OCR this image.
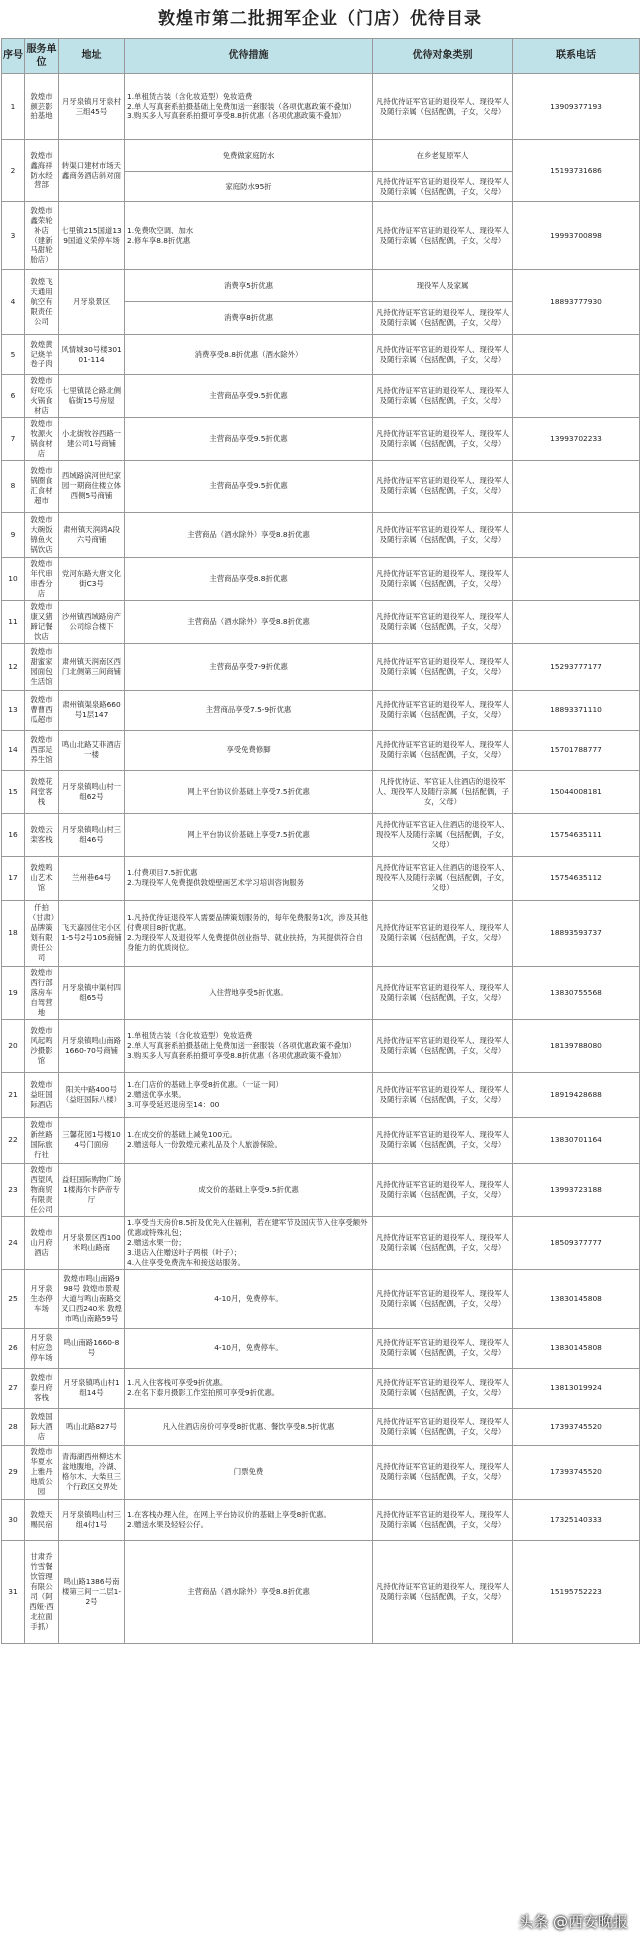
敦煌市第二批拥军企业（门店）优待目录
序号	服务单位	地址	优待措施	优待对象类别	联系电话
1	敦煌市颜芸影拍基地	月牙泉镇月牙泉村三组45号	1.单租赁古装（含化妆造型）免妆造费
2.单人写真套系拍摄基础上免费加送一套服装（各项优惠政策不叠加）
3.购买多人写真套系拍摄可享受8.8折优惠（各项优惠政策不叠加）	凡持优待证军官证的退役军人、现役军人及随行亲属（包括配偶，子女，父母）	13909377193
2	敦煌市鑫海祥防水经营部	转渠口建材市场天鑫商务酒店斜对面	免费做家庭防水	在乡老复原军人	15193731686

			家庭防水95折	凡持优待证军官证的退役军人、现役军人及随行亲属（包括配偶，子女，父母）	
3	敦煌市鑫荣轮补店（建新马甜轮胎店）	七里镇215国道139国道义荣停车场	1.免费吹空调、加水
2.修车享8.8折优惠	凡持优待证军官证的退役军人、现役军人及随行亲属（包括配偶，子女，父母）	19993700898
4	敦煌飞天通用航空有限责任公司	月牙泉景区	消费享5折优惠	现役军人及家属	18893777930

			消费享8折优惠	凡持优待证军官证的退役军人、现役军人及随行亲属（包括配偶，子女，父母）	
5	敦煌黄记烧羊卷子肉	风情城30号楼30101-114	消费享受8.8折优惠（酒水除外）	凡持优待证军官证的退役军人、现役军人及随行亲属（包括配偶，子女，父母）	
6	敦煌市好吃乐火锅食材店	七里镇昆仑路北侧临街15号房屋	主营商品享受9.5折优惠	凡持优待证军官证的退役军人、现役军人及随行亲属（包括配偶，子女，父母）	
7	敦煌市牧源火锅食材店	小北街牧谷西路一建公司1号商铺	主营商品享受9.5折优惠	凡持优待证军官证的退役军人、现役军人及随行亲属（包括配偶，子女，父母）	13993702233
8	敦煌市锅圈食汇食材超市	西域路滨河世纪家园一期商住楼立体西侧5号商铺	主营商品享受9.5折优惠	凡持优待证军官证的退役军人、现役军人及随行亲属（包括配偶，子女，父母）	
9	敦煌市大碗饭锦鱼火锅饮店	肃州镇天润鸿A段六号商铺	主营商品（酒水除外）享受8.8折优惠	凡持优待证军官证的退役军人、现役军人及随行亲属（包括配偶，子女，父母）	
10	敦煌市年代串串香分店	党河东路大唐文化街C3号	主营商品享受8.8折优惠	凡持优待证军官证的退役军人、现役军人及随行亲属（包括配偶，子女，父母）	
11	敦煌市康又猪蹄记餐饮店	沙州镇西域路房产公司综合楼下	主营商品（酒水除外）享受8.8折优惠	凡持优待证军官证的退役军人、现役军人及随行亲属（包括配偶，子女，父母）	
12	敦煌市甜蜜家园面包生活馆	肃州镇天润南区西门北侧第三间商铺	主营商品享受7-9折优惠	凡持优待证军官证的退役军人、现役军人及随行亲属（包括配偶，子女，父母）	15293777177
13	敦煌市曹曹西瓜超市	肃州镇渠泉路660号1层147	主营商品享受7.5-9折优惠	凡持优待证军官证的退役军人、现役军人及随行亲属（包括配偶，子女，父母）	18893371110
14	敦煌市西部足养生馆	鸣山北路艾菲酒店一楼	享受免费修脚	凡持优待证军官证的退役军人、现役军人及随行亲属（包括配偶，子女，父母）	15701788777
15	敦煌花间堂客栈	月牙泉镇鸣山村一组62号	网上平台协议价基础上享受7.5折优惠	凡持优待证、军官证人住酒店的退役军人、现役军人及随行亲属（包括配偶，子女，父母）	15044008181
16	敦煌云栾客栈	月牙泉镇鸣山村三组46号	网上平台协议价基础上享受7.5折优惠	凡持优待证军官证入住酒店的退役军人、现役军人及随行亲属（包括配偶，子女，父母）	15754635111
17	敦煌鸣山艺术馆	兰州巷64号	1.付费项目7.5折优惠
2.为现役军人免费提供敦煌壁画艺术学习培训咨询服务	凡持优待证军官证入住酒店的退役军人、现役军人及随行亲属（包括配偶，子女，父母）	15754635112
18	仟拍（甘肃）品牌策划有限责任公司	飞天嘉园住宅小区1-5号2号105商铺	1.凡持优待证退役军人需要品牌策划服务的，每年免费服务1次，涉及其他付费项目8折优惠。
2.为现役军人及退役军人免费提供创业指导、就业扶持，为其提供符合自身能力的优质岗位。	凡持优待证军官证的退役军人、现役军人及随行亲属（包括配偶，子女，父母）	18893593737
19	敦煌市西行部落房车自驾营地	月牙泉镇中渠村四组65号	入住营地享受5折优惠。	凡持优待证军官证的退役军人、现役军人及随行亲属（包括配偶，子女，父母）	13830755568
20	敦煌市风起鸣沙摄影馆	月牙泉镇鸣山南路1660-70号商铺	1.单租赁古装（含化妆造型）免妆造费
2.单人写真套系拍摄基础上免费加送一套服装（各项优惠政策不叠加）
3.购买多人写真套系拍摄可享受8.8折优惠（各项优惠政策不叠加）	凡持优待证军官证的退役军人、现役军人及随行亲属（包括配偶，子女，父母）	18139788080
21	敦煌市益旺国际酒店	阳关中路400号（益旺国际八楼）	1.在门店价的基础上享受8折优惠。（一证一间）
2.赠送优享水果。
3.可享受延迟退房至14：00	凡持优待证军官证的退役军人、现役军人及随行亲属（包括配偶，子女，父母）	18919428688
22	敦煌市新丝路国际旅行社	三馨花园1号楼104号门面房	1.在成交价的基础上减免100元。
2.赠送每人一份敦煌元素礼品及个人旅游保险。	凡持优待证军官证的退役军人、现役军人及随行亲属（包括配偶，子女，父母）	13830701164
23	敦煌市西望风物商贸有限责任公司	益旺国际购物广场1楼海尔卡萨帝专厅	成交价的基础上享受9.5折优惠	凡持优待证军官证的退役军人、现役军人及随行亲属（包括配偶，子女，父母）	13993723188
24	敦煌市山月府酒店	月牙泉景区西100米鸣山路南	1.享受当天房价8.5折及优先入住福利，若在建军节及国庆节入住享受额外优惠或特殊礼包；
2.赠送水果一份；
3.退店入住赠送叶子两根（叶子）；
4.入住享受免费洗车和接送站服务。	凡持优待证军官证的退役军人、现役军人及随行亲属（包括配偶，子女，父母）	18509377777
25	月牙泉生态停车场	敦煌市鸣山南路998号 敦煌市景观大道与鸣山南路交叉口西240米 敦煌市鸣山南路59号	4-10月，免费停车。	凡持优待证军官证的退役军人、现役军人及随行亲属（包括配偶，子女，父母）	13830145808
26	月牙泉村应急停车场	鸣山南路1660-8号	4-10月，免费停车。	凡持优待证军官证的退役军人、现役军人及随行亲属（包括配偶，子女，父母）	13830145808
27	敦煌市泰月府客栈	月牙泉镇鸣山村1组14号	1.凡入住客栈可享受9折优惠。
2.在名下泰月摄影工作室拍照可享受9折优惠。	凡持优待证军官证的退役军人、现役军人及随行亲属（包括配偶，子女，父母）	13813019924
28	敦煌国际大酒店	鸣山北路827号	凡入住酒店房价可享受8折优惠、餐饮享受8.5折优惠	凡持优待证军官证的退役军人、现役军人及随行亲属（包括配偶，子女，父母）	17393745520
29	敦煌市华夏水上雅丹地质公园	青海湖西州柳达木盆地腹地，冷湖、格尔木、大柴旦三个行政区交界处	门票免费	凡持优待证军官证的退役军人、现役军人及随行亲属（包括配偶，子女，父母）	17393745520
30	敦煌天赐民宿	月牙泉镇鸣山村三组4付1号	1.在客栈办理入住，在网上平台协议价的基础上享受8折优惠。
2.赠送水果及轻轻公仔。	凡持优待证军官证的退役军人、现役军人及随行亲属（包括配偶，子女，父母）	17325140333
31	甘肃乔竹雪餐饮管理有限公司（阿西娅·西北拉面手抓）	鸣山路1386号南楼第三间一二层1-2号	主营商品（酒水除外）享受8.8折优惠	凡持优待证军官证的退役军人、现役军人及随行亲属（包括配偶，子女，父母）	15195752223
头条 @西安晚报
